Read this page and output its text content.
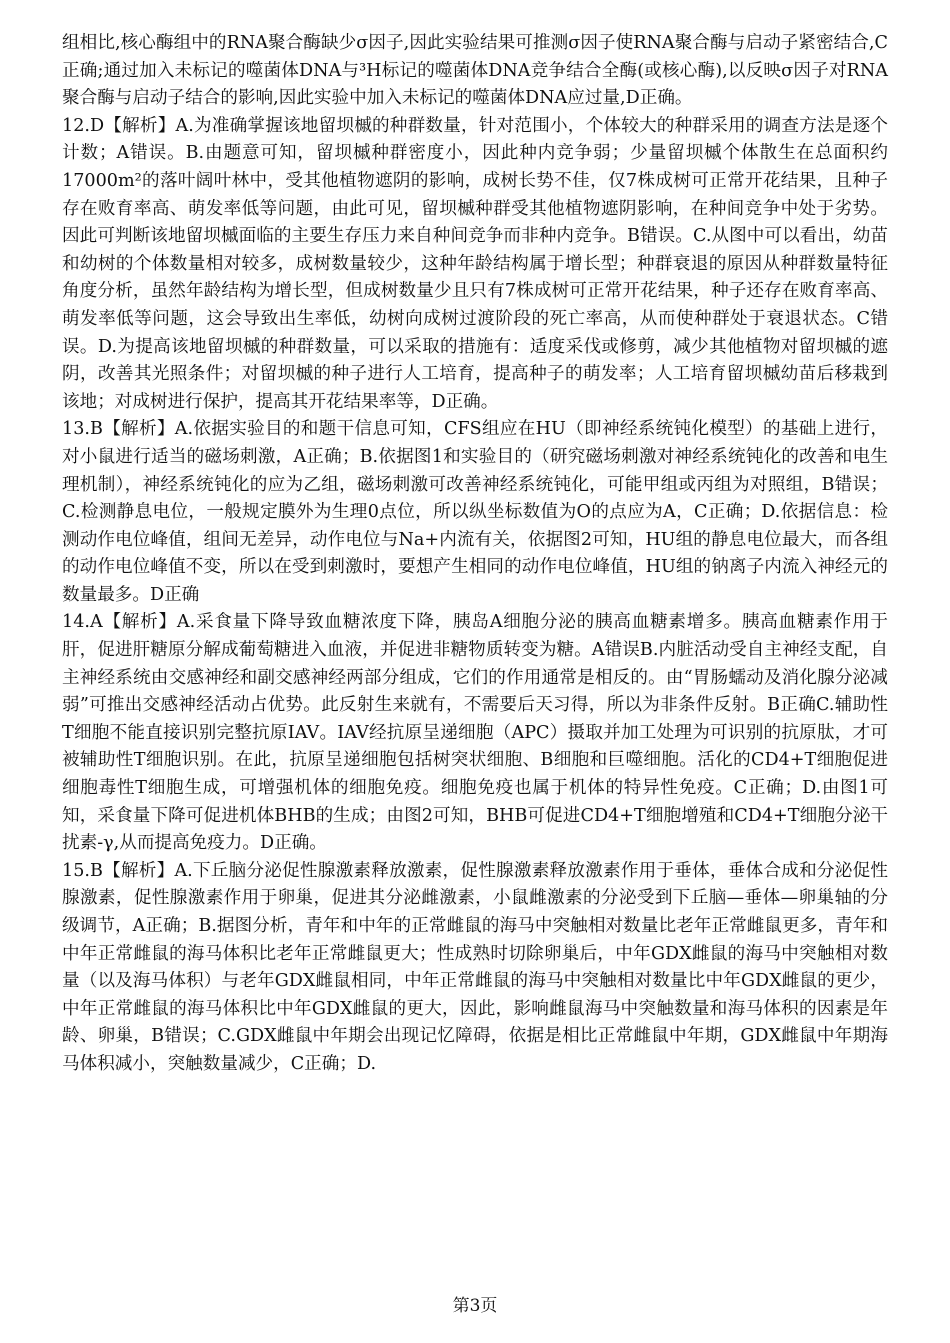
组相比,核心酶组中的RNA聚合酶缺少σ因子,因此实验结果可推测σ因子使RNA聚合酶与启动子紧密结合,C正确;通过加入未标记的噬菌体DNA与³H标记的噬菌体DNA竞争结合全酶(或核心酶),以反映σ因子对RNA聚合酶与启动子结合的影响,因此实验中加入未标记的噬菌体DNA应过量,D正确。

12.D【解析】A.为准确掌握该地留坝槭的种群数量，针对范围小，个体较大的种群采用的调查方法是逐个计数；A错误。B.由题意可知，留坝槭种群密度小，因此种内竞争弱；少量留坝槭个体散生在总面积约17000m²的落叶阔叶林中，受其他植物遮阴的影响，成树长势不佳，仅7株成树可正常开花结果，且种子存在败育率高、萌发率低等问题，由此可见，留坝槭种群受其他植物遮阴影响，在种间竞争中处于劣势。因此可判断该地留坝槭面临的主要生存压力来自种间竞争而非种内竞争。B错误。C.从图中可以看出，幼苗和幼树的个体数量相对较多，成树数量较少，这种年龄结构属于增长型；种群衰退的原因从种群数量特征角度分析，虽然年龄结构为增长型，但成树数量少且只有7株成树可正常开花结果，种子还存在败育率高、萌发率低等问题，这会导致出生率低，幼树向成树过渡阶段的死亡率高，从而使种群处于衰退状态。C错误。D.为提高该地留坝槭的种群数量，可以采取的措施有：适度采伐或修剪，减少其他植物对留坝槭的遮阴，改善其光照条件；对留坝槭的种子进行人工培育，提高种子的萌发率；人工培育留坝槭幼苗后移栽到该地；对成树进行保护，提高其开花结果率等，D正确。

13.B【解析】A.依据实验目的和题干信息可知，CFS组应在HU（即神经系统钝化模型）的基础上进行，对小鼠进行适当的磁场刺激，A正确；B.依据图1和实验目的（研究磁场刺激对神经系统钝化的改善和电生理机制），神经系统钝化的应为乙组，磁场刺激可改善神经系统钝化，可能甲组或丙组为对照组，B错误；C.检测静息电位，一般规定膜外为生理0点位，所以纵坐标数值为O的点应为A，C正确；D.依据信息：检测动作电位峰值，组间无差异，动作电位与Na+内流有关，依据图2可知，HU组的静息电位最大，而各组的动作电位峰值不变，所以在受到刺激时，要想产生相同的动作电位峰值，HU组的钠离子内流入神经元的数量最多。D正确

14.A【解析】A.采食量下降导致血糖浓度下降，胰岛A细胞分泌的胰高血糖素增多。胰高血糖素作用于肝，促进肝糖原分解成葡萄糖进入血液，并促进非糖物质转变为糖。A错误B.内脏活动受自主神经支配，自主神经系统由交感神经和副交感神经两部分组成，它们的作用通常是相反的。由“胃肠蠕动及消化腺分泌减弱”可推出交感神经活动占优势。此反射生来就有，不需要后天习得，所以为非条件反射。B正确C.辅助性T细胞不能直接识别完整抗原IAV。IAV经抗原呈递细胞（APC）摄取并加工处理为可识别的抗原肽，才可被辅助性T细胞识别。在此，抗原呈递细胞包括树突状细胞、B细胞和巨噬细胞。活化的CD4+T细胞促进细胞毒性T细胞生成，可增强机体的细胞免疫。细胞免疫也属于机体的特异性免疫。C正确；D.由图1可知，采食量下降可促进机体BHB的生成；由图2可知，BHB可促进CD4+T细胞增殖和CD4+T细胞分泌干扰素-γ,从而提高免疫力。D正确。

15.B【解析】A.下丘脑分泌促性腺激素释放激素，促性腺激素释放激素作用于垂体，垂体合成和分泌促性腺激素，促性腺激素作用于卵巢，促进其分泌雌激素，小鼠雌激素的分泌受到下丘脑—垂体—卵巢轴的分级调节，A正确；B.据图分析，青年和中年的正常雌鼠的海马中突触相对数量比老年正常雌鼠更多，青年和中年正常雌鼠的海马体积比老年正常雌鼠更大；性成熟时切除卵巢后，中年GDX雌鼠的海马中突触相对数量（以及海马体积）与老年GDX雌鼠相同，中年正常雌鼠的海马中突触相对数量比中年GDX雌鼠的更少，中年正常雌鼠的海马体积比中年GDX雌鼠的更大，因此，影响雌鼠海马中突触数量和海马体积的因素是年龄、卵巢，B错误；C.GDX雌鼠中年期会出现记忆障碍，依据是相比正常雌鼠中年期，GDX雌鼠中年期海马体积减小，突触数量减少，C正确；D.

第3页
